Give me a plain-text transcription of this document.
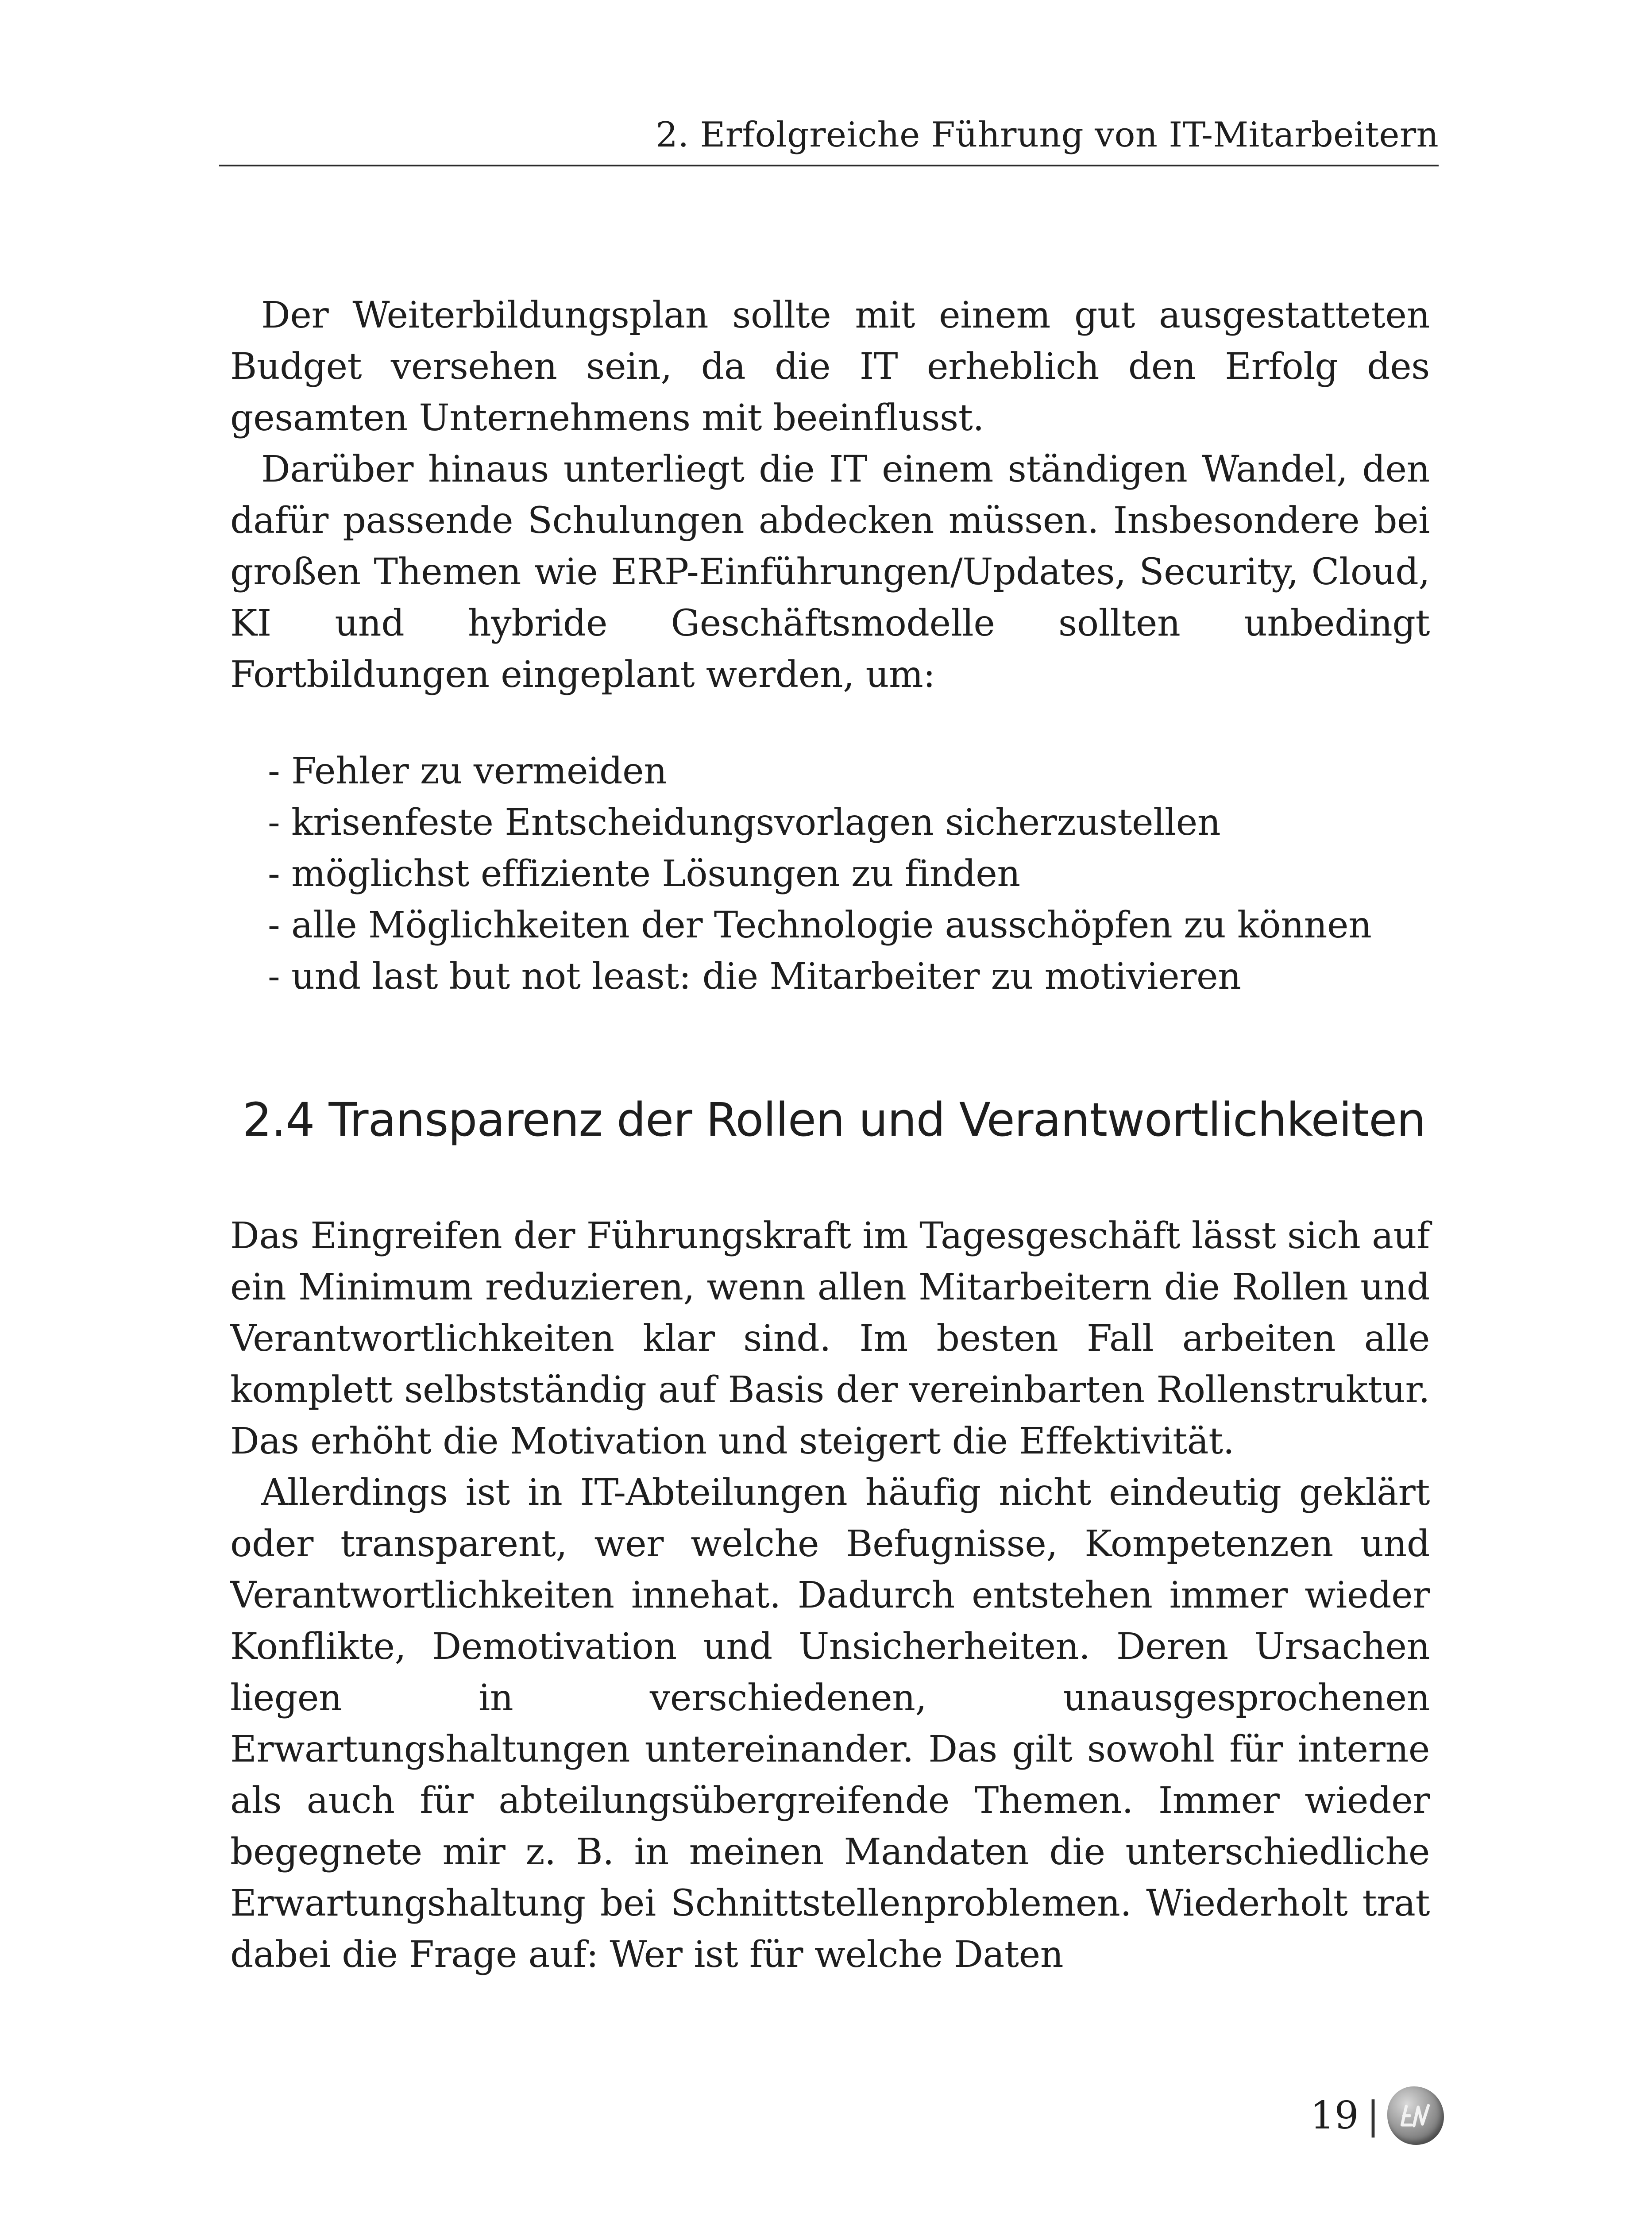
2. Erfolgreiche Führung von IT-Mitarbeitern

Der Weiterbildungsplan sollte mit einem gut ausgestatteten Budget versehen sein, da die IT erheblich den Erfolg des gesamten Unternehmens mit beeinflusst.

Darüber hinaus unterliegt die IT einem ständigen Wandel, den dafür passende Schulungen abdecken müssen. Insbesondere bei großen Themen wie ERP-Einführungen/Updates, Security, Cloud, KI und hybride Geschäftsmodelle sollten unbedingt Fortbildungen eingeplant werden, um:

- Fehler zu vermeiden
- krisenfeste Entscheidungsvorlagen sicherzustellen
- möglichst effiziente Lösungen zu finden
- alle Möglichkeiten der Technologie ausschöpfen zu können
- und last but not least: die Mitarbeiter zu motivieren
2.4 Transparenz der Rollen und Verantwortlichkeiten

Das Eingreifen der Führungskraft im Tagesgeschäft lässt sich auf ein Minimum reduzieren, wenn allen Mitarbeitern die Rollen und Verantwortlichkeiten klar sind. Im besten Fall arbeiten alle komplett selbstständig auf Basis der vereinbarten Rollenstruktur. Das erhöht die Motivation und steigert die Effektivität.

Allerdings ist in IT-Abteilungen häufig nicht eindeutig geklärt oder transparent, wer welche Befugnisse, Kompetenzen und Verantwortlichkeiten innehat. Dadurch entstehen immer wieder Konflikte, Demotivation und Unsicherheiten. Deren Ursachen liegen in verschiedenen, unausgesprochenen Erwartungshaltungen untereinander. Das gilt sowohl für interne als auch für abteilungsübergreifende Themen. Immer wieder begegnete mir z. B. in meinen Mandaten die unterschiedliche Erwartungshaltung bei Schnittstellenproblemen. Wiederholt trat dabei die Frage auf: Wer ist für welche Daten

19 |
